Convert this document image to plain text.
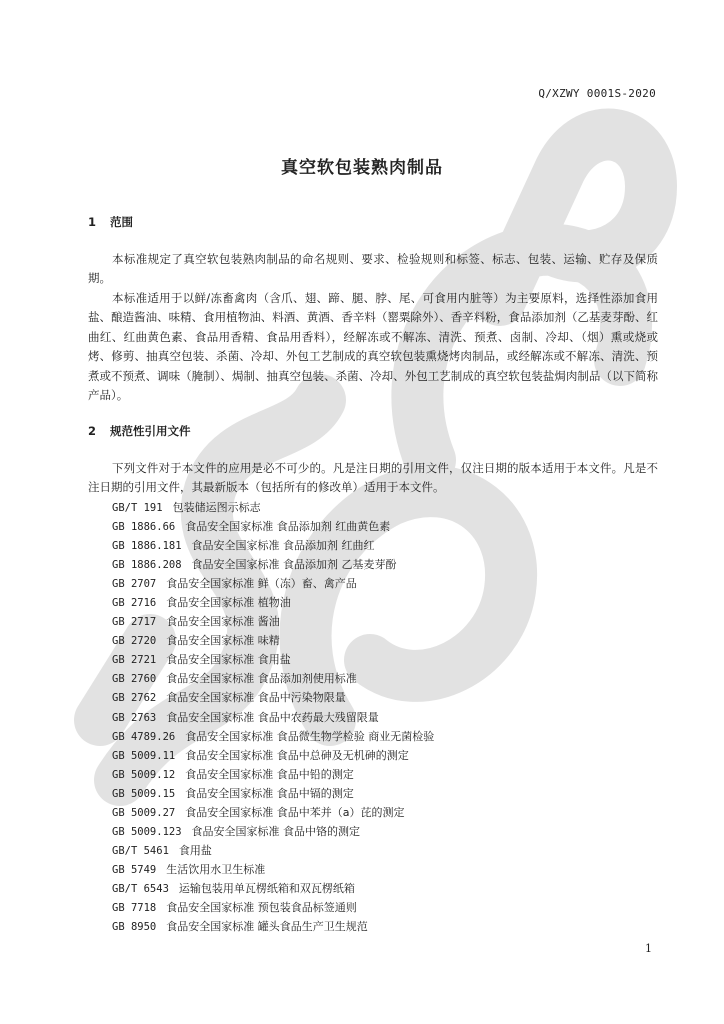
Q/XZWY 0001S-2020
真空软包装熟肉制品
1 范围

本标准规定了真空软包装熟肉制品的命名规则、要求、检验规则和标签、标志、包装、运输、贮存及保质期。

本标准适用于以鲜/冻畜禽肉（含爪、翅、蹄、腿、脖、尾、可食用内脏等）为主要原料，选择性添加食用盐、酿造酱油、味精、食用植物油、料酒、黄酒、香辛料（罂粟除外）、香辛料粉，食品添加剂（乙基麦芽酚、红曲红、红曲黄色素、食品用香精、食品用香料），经解冻或不解冻、清洗、预煮、卤制、冷却、（烟）熏或烧或烤、修剪、抽真空包装、杀菌、冷却、外包工艺制成的真空软包装熏烧烤肉制品，或经解冻或不解冻、清洗、预煮或不预煮、调味（腌制）、焗制、抽真空包装、杀菌、冷却、外包工艺制成的真空软包装盐焗肉制品（以下简称产品）。

2 规范性引用文件

下列文件对于本文件的应用是必不可少的。凡是注日期的引用文件，仅注日期的版本适用于本文件。凡是不注日期的引用文件，其最新版本（包括所有的修改单）适用于本文件。

GB/T 191 包装储运图示标志
GB 1886.66 食品安全国家标准 食品添加剂 红曲黄色素
GB 1886.181 食品安全国家标准 食品添加剂 红曲红
GB 1886.208 食品安全国家标准 食品添加剂 乙基麦芽酚
GB 2707 食品安全国家标准 鲜（冻）畜、禽产品
GB 2716 食品安全国家标准 植物油
GB 2717 食品安全国家标准 酱油
GB 2720 食品安全国家标准 味精
GB 2721 食品安全国家标准 食用盐
GB 2760 食品安全国家标准 食品添加剂使用标准
GB 2762 食品安全国家标准 食品中污染物限量
GB 2763 食品安全国家标准 食品中农药最大残留限量
GB 4789.26 食品安全国家标准 食品微生物学检验 商业无菌检验
GB 5009.11 食品安全国家标准 食品中总砷及无机砷的测定
GB 5009.12 食品安全国家标准 食品中铅的测定
GB 5009.15 食品安全国家标准 食品中镉的测定
GB 5009.27 食品安全国家标准 食品中苯并（a）芘的测定
GB 5009.123 食品安全国家标准 食品中铬的测定
GB/T 5461 食用盐
GB 5749 生活饮用水卫生标准
GB/T 6543 运输包装用单瓦楞纸箱和双瓦楞纸箱
GB 7718 食品安全国家标准 预包装食品标签通则
GB 8950 食品安全国家标准 罐头食品生产卫生规范
1
